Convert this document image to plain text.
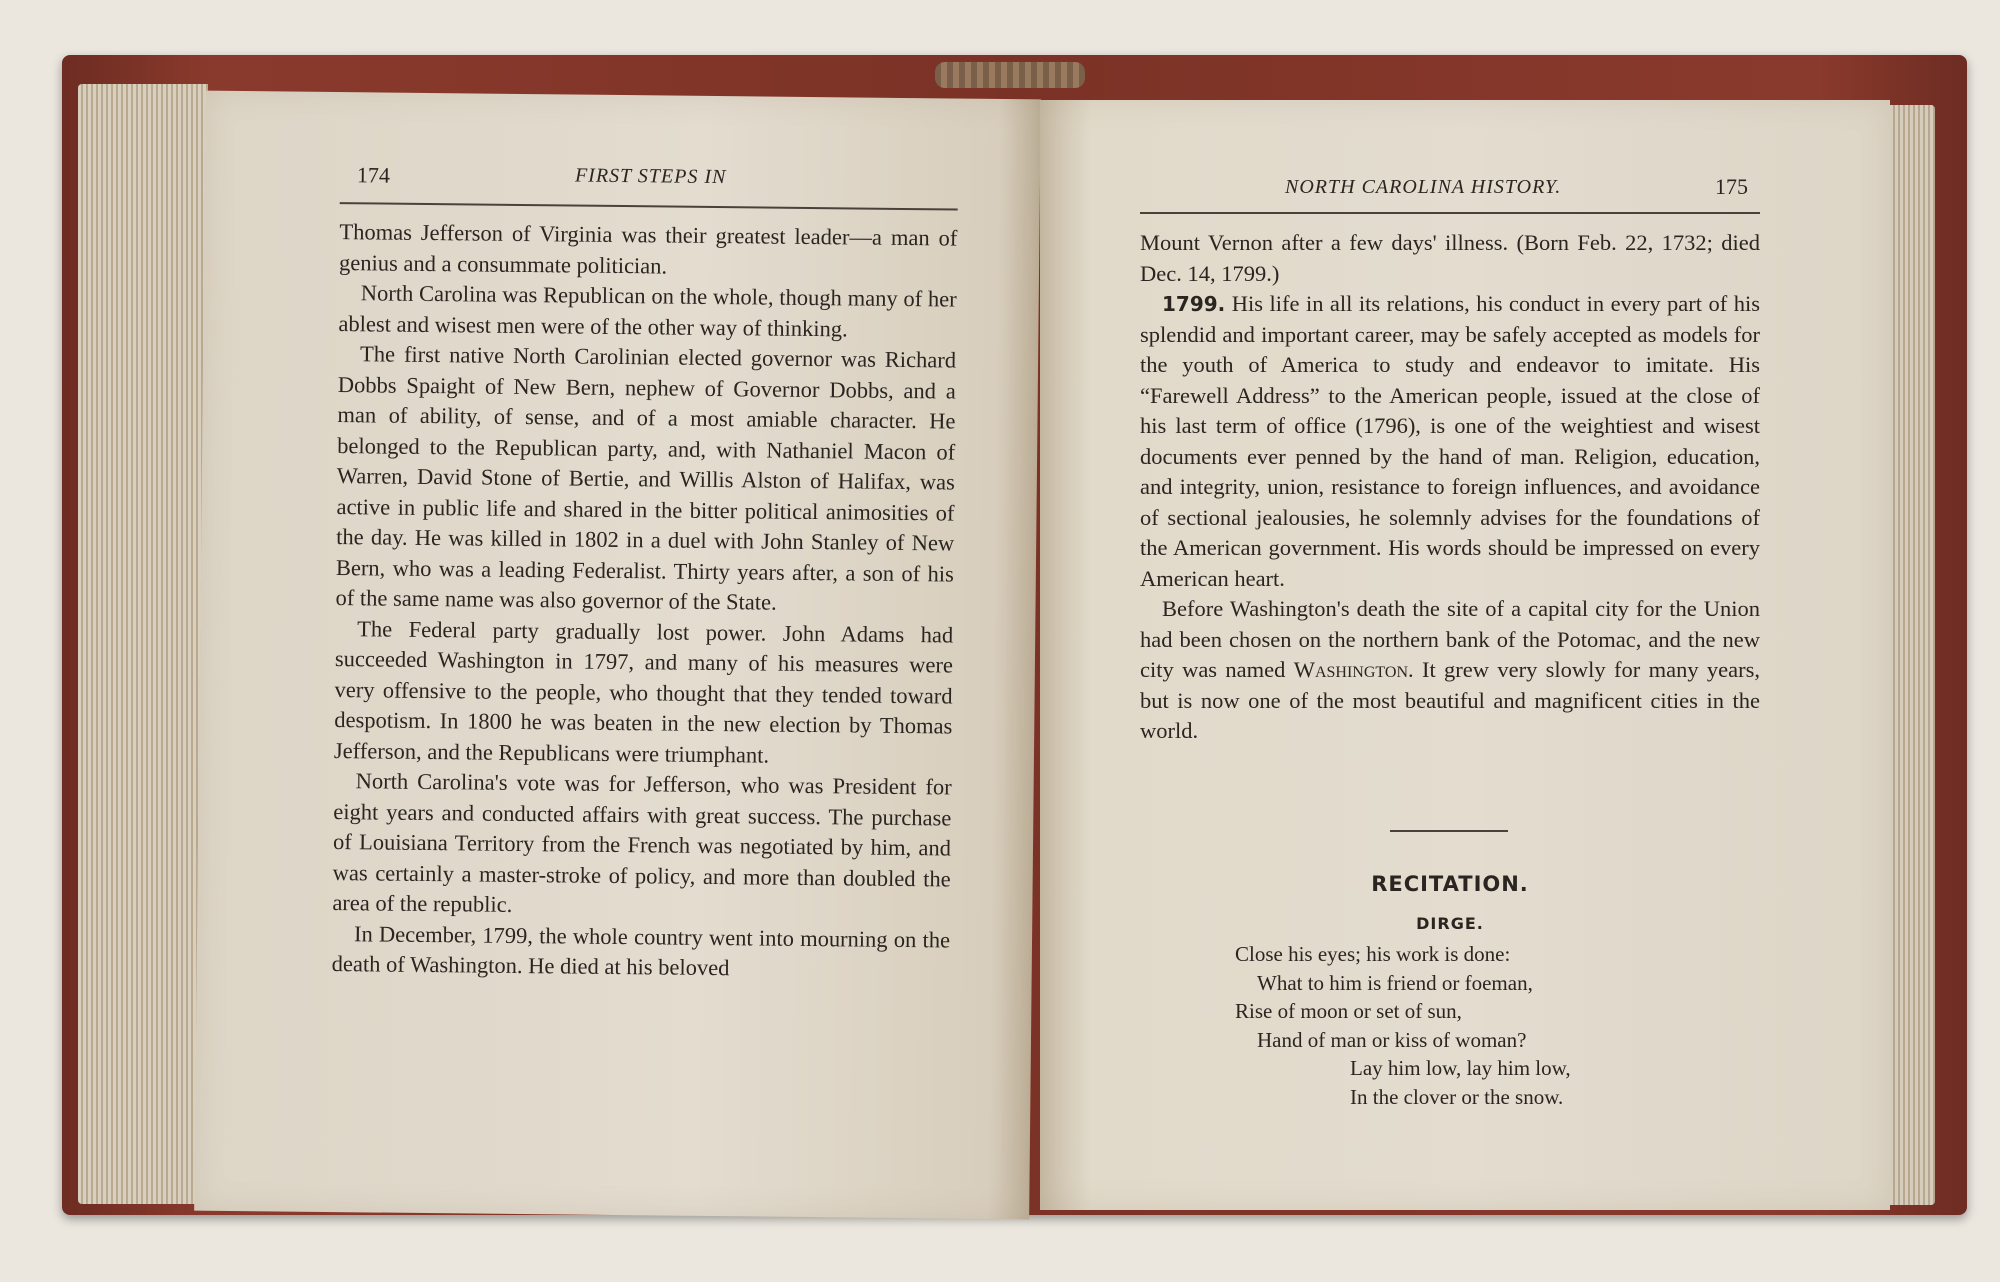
174	FIRST STEPS IN

Thomas Jefferson of Virginia was their greatest leader—a man of genius and a consummate politician.

North Carolina was Republican on the whole, though many of her ablest and wisest men were of the other way of thinking.

The first native North Carolinian elected governor was Richard Dobbs Spaight of New Bern, nephew of Governor Dobbs, and a man of ability, of sense, and of a most amiable character. He belonged to the Republican party, and, with Nathaniel Macon of Warren, David Stone of Bertie, and Willis Alston of Halifax, was active in public life and shared in the bitter political animosities of the day. He was killed in 1802 in a duel with John Stanley of New Bern, who was a leading Federalist. Thirty years after, a son of his of the same name was also governor of the State.

The Federal party gradually lost power. John Adams had succeeded Washington in 1797, and many of his measures were very offensive to the people, who thought that they tended toward despotism. In 1800 he was beaten in the new election by Thomas Jefferson, and the Republicans were triumphant.

North Carolina's vote was for Jefferson, who was President for eight years and conducted affairs with great success. The purchase of Louisiana Territory from the French was negotiated by him, and was certainly a master-stroke of policy, and more than doubled the area of the republic.

In December, 1799, the whole country went into mourning on the death of Washington. He died at his beloved

NORTH CAROLINA HISTORY.	175

Mount Vernon after a few days' illness. (Born Feb. 22, 1732; died Dec. 14, 1799.)

1799. His life in all its relations, his conduct in every part of his splendid and important career, may be safely accepted as models for the youth of America to study and endeavor to imitate. His “Farewell Address” to the American people, issued at the close of his last term of office (1796), is one of the weightiest and wisest documents ever penned by the hand of man. Religion, education, and integrity, union, resistance to foreign influences, and avoidance of sectional jealousies, he solemnly advises for the foundations of the American government. His words should be impressed on every American heart.

Before Washington's death the site of a capital city for the Union had been chosen on the northern bank of the Potomac, and the new city was named Washington. It grew very slowly for many years, but is now one of the most beautiful and magnificent cities in the world.

RECITATION.
DIRGE.
Close his eyes; his work is done:
What to him is friend or foeman,
Rise of moon or set of sun,
Hand of man or kiss of woman?
Lay him low, lay him low,
In the clover or the snow.
